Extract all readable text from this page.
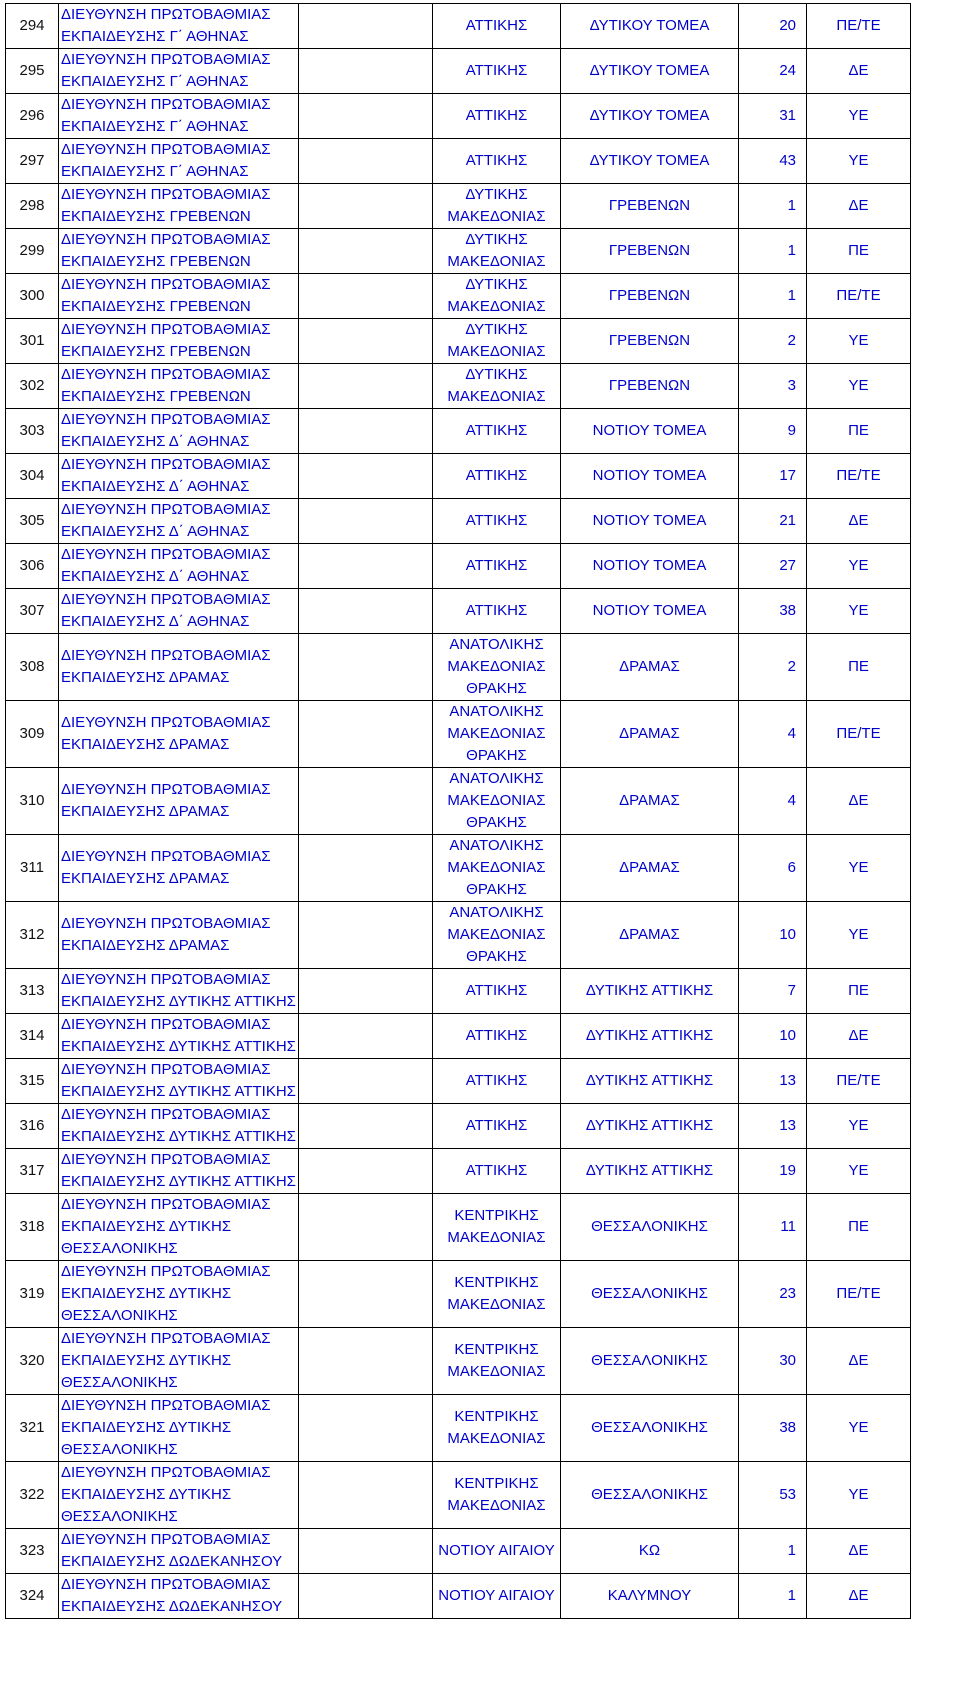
294	ΔΙΕΥΘΥΝΣΗ ΠΡΩΤΟΒΑΘΜΙΑΣ
ΕΚΠΑΙΔΕΥΣΗΣ Γ΄ ΑΘΗΝΑΣ		ΑΤΤΙΚΗΣ	ΔΥΤΙΚΟΥ ΤΟΜΕΑ	20	ΠΕ/ΤΕ

295	ΔΙΕΥΘΥΝΣΗ ΠΡΩΤΟΒΑΘΜΙΑΣ
ΕΚΠΑΙΔΕΥΣΗΣ Γ΄ ΑΘΗΝΑΣ		ΑΤΤΙΚΗΣ	ΔΥΤΙΚΟΥ ΤΟΜΕΑ	24	ΔΕ

296	ΔΙΕΥΘΥΝΣΗ ΠΡΩΤΟΒΑΘΜΙΑΣ
ΕΚΠΑΙΔΕΥΣΗΣ Γ΄ ΑΘΗΝΑΣ		ΑΤΤΙΚΗΣ	ΔΥΤΙΚΟΥ ΤΟΜΕΑ	31	ΥΕ

297	ΔΙΕΥΘΥΝΣΗ ΠΡΩΤΟΒΑΘΜΙΑΣ
ΕΚΠΑΙΔΕΥΣΗΣ Γ΄ ΑΘΗΝΑΣ		ΑΤΤΙΚΗΣ	ΔΥΤΙΚΟΥ ΤΟΜΕΑ	43	ΥΕ

298	ΔΙΕΥΘΥΝΣΗ ΠΡΩΤΟΒΑΘΜΙΑΣ
ΕΚΠΑΙΔΕΥΣΗΣ ΓΡΕΒΕΝΩΝ		ΔΥΤΙΚΗΣ
ΜΑΚΕΔΟΝΙΑΣ	ΓΡΕΒΕΝΩΝ	1	ΔΕ

299	ΔΙΕΥΘΥΝΣΗ ΠΡΩΤΟΒΑΘΜΙΑΣ
ΕΚΠΑΙΔΕΥΣΗΣ ΓΡΕΒΕΝΩΝ		ΔΥΤΙΚΗΣ
ΜΑΚΕΔΟΝΙΑΣ	ΓΡΕΒΕΝΩΝ	1	ΠΕ

300	ΔΙΕΥΘΥΝΣΗ ΠΡΩΤΟΒΑΘΜΙΑΣ
ΕΚΠΑΙΔΕΥΣΗΣ ΓΡΕΒΕΝΩΝ		ΔΥΤΙΚΗΣ
ΜΑΚΕΔΟΝΙΑΣ	ΓΡΕΒΕΝΩΝ	1	ΠΕ/ΤΕ

301	ΔΙΕΥΘΥΝΣΗ ΠΡΩΤΟΒΑΘΜΙΑΣ
ΕΚΠΑΙΔΕΥΣΗΣ ΓΡΕΒΕΝΩΝ		ΔΥΤΙΚΗΣ
ΜΑΚΕΔΟΝΙΑΣ	ΓΡΕΒΕΝΩΝ	2	ΥΕ

302	ΔΙΕΥΘΥΝΣΗ ΠΡΩΤΟΒΑΘΜΙΑΣ
ΕΚΠΑΙΔΕΥΣΗΣ ΓΡΕΒΕΝΩΝ		ΔΥΤΙΚΗΣ
ΜΑΚΕΔΟΝΙΑΣ	ΓΡΕΒΕΝΩΝ	3	ΥΕ

303	ΔΙΕΥΘΥΝΣΗ ΠΡΩΤΟΒΑΘΜΙΑΣ
ΕΚΠΑΙΔΕΥΣΗΣ Δ΄ ΑΘΗΝΑΣ		ΑΤΤΙΚΗΣ	ΝΟΤΙΟΥ ΤΟΜΕΑ	9	ΠΕ

304	ΔΙΕΥΘΥΝΣΗ ΠΡΩΤΟΒΑΘΜΙΑΣ
ΕΚΠΑΙΔΕΥΣΗΣ Δ΄ ΑΘΗΝΑΣ		ΑΤΤΙΚΗΣ	ΝΟΤΙΟΥ ΤΟΜΕΑ	17	ΠΕ/ΤΕ

305	ΔΙΕΥΘΥΝΣΗ ΠΡΩΤΟΒΑΘΜΙΑΣ
ΕΚΠΑΙΔΕΥΣΗΣ Δ΄ ΑΘΗΝΑΣ		ΑΤΤΙΚΗΣ	ΝΟΤΙΟΥ ΤΟΜΕΑ	21	ΔΕ

306	ΔΙΕΥΘΥΝΣΗ ΠΡΩΤΟΒΑΘΜΙΑΣ
ΕΚΠΑΙΔΕΥΣΗΣ Δ΄ ΑΘΗΝΑΣ		ΑΤΤΙΚΗΣ	ΝΟΤΙΟΥ ΤΟΜΕΑ	27	ΥΕ

307	ΔΙΕΥΘΥΝΣΗ ΠΡΩΤΟΒΑΘΜΙΑΣ
ΕΚΠΑΙΔΕΥΣΗΣ Δ΄ ΑΘΗΝΑΣ		ΑΤΤΙΚΗΣ	ΝΟΤΙΟΥ ΤΟΜΕΑ	38	ΥΕ

308	ΔΙΕΥΘΥΝΣΗ ΠΡΩΤΟΒΑΘΜΙΑΣ
ΕΚΠΑΙΔΕΥΣΗΣ ΔΡΑΜΑΣ		ΑΝΑΤΟΛΙΚΗΣ
ΜΑΚΕΔΟΝΙΑΣ
ΘΡΑΚΗΣ	ΔΡΑΜΑΣ	2	ΠΕ

309	ΔΙΕΥΘΥΝΣΗ ΠΡΩΤΟΒΑΘΜΙΑΣ
ΕΚΠΑΙΔΕΥΣΗΣ ΔΡΑΜΑΣ		ΑΝΑΤΟΛΙΚΗΣ
ΜΑΚΕΔΟΝΙΑΣ
ΘΡΑΚΗΣ	ΔΡΑΜΑΣ	4	ΠΕ/ΤΕ

310	ΔΙΕΥΘΥΝΣΗ ΠΡΩΤΟΒΑΘΜΙΑΣ
ΕΚΠΑΙΔΕΥΣΗΣ ΔΡΑΜΑΣ		ΑΝΑΤΟΛΙΚΗΣ
ΜΑΚΕΔΟΝΙΑΣ
ΘΡΑΚΗΣ	ΔΡΑΜΑΣ	4	ΔΕ

311	ΔΙΕΥΘΥΝΣΗ ΠΡΩΤΟΒΑΘΜΙΑΣ
ΕΚΠΑΙΔΕΥΣΗΣ ΔΡΑΜΑΣ		ΑΝΑΤΟΛΙΚΗΣ
ΜΑΚΕΔΟΝΙΑΣ
ΘΡΑΚΗΣ	ΔΡΑΜΑΣ	6	ΥΕ

312	ΔΙΕΥΘΥΝΣΗ ΠΡΩΤΟΒΑΘΜΙΑΣ
ΕΚΠΑΙΔΕΥΣΗΣ ΔΡΑΜΑΣ		ΑΝΑΤΟΛΙΚΗΣ
ΜΑΚΕΔΟΝΙΑΣ
ΘΡΑΚΗΣ	ΔΡΑΜΑΣ	10	ΥΕ

313	ΔΙΕΥΘΥΝΣΗ ΠΡΩΤΟΒΑΘΜΙΑΣ
ΕΚΠΑΙΔΕΥΣΗΣ ΔΥΤΙΚΗΣ ΑΤΤΙΚΗΣ		ΑΤΤΙΚΗΣ	ΔΥΤΙΚΗΣ ΑΤΤΙΚΗΣ	7	ΠΕ

314	ΔΙΕΥΘΥΝΣΗ ΠΡΩΤΟΒΑΘΜΙΑΣ
ΕΚΠΑΙΔΕΥΣΗΣ ΔΥΤΙΚΗΣ ΑΤΤΙΚΗΣ		ΑΤΤΙΚΗΣ	ΔΥΤΙΚΗΣ ΑΤΤΙΚΗΣ	10	ΔΕ

315	ΔΙΕΥΘΥΝΣΗ ΠΡΩΤΟΒΑΘΜΙΑΣ
ΕΚΠΑΙΔΕΥΣΗΣ ΔΥΤΙΚΗΣ ΑΤΤΙΚΗΣ		ΑΤΤΙΚΗΣ	ΔΥΤΙΚΗΣ ΑΤΤΙΚΗΣ	13	ΠΕ/ΤΕ

316	ΔΙΕΥΘΥΝΣΗ ΠΡΩΤΟΒΑΘΜΙΑΣ
ΕΚΠΑΙΔΕΥΣΗΣ ΔΥΤΙΚΗΣ ΑΤΤΙΚΗΣ		ΑΤΤΙΚΗΣ	ΔΥΤΙΚΗΣ ΑΤΤΙΚΗΣ	13	ΥΕ

317	ΔΙΕΥΘΥΝΣΗ ΠΡΩΤΟΒΑΘΜΙΑΣ
ΕΚΠΑΙΔΕΥΣΗΣ ΔΥΤΙΚΗΣ ΑΤΤΙΚΗΣ		ΑΤΤΙΚΗΣ	ΔΥΤΙΚΗΣ ΑΤΤΙΚΗΣ	19	ΥΕ

318	ΔΙΕΥΘΥΝΣΗ ΠΡΩΤΟΒΑΘΜΙΑΣ
ΕΚΠΑΙΔΕΥΣΗΣ ΔΥΤΙΚΗΣ
ΘΕΣΣΑΛΟΝΙΚΗΣ		ΚΕΝΤΡΙΚΗΣ
ΜΑΚΕΔΟΝΙΑΣ	ΘΕΣΣΑΛΟΝΙΚΗΣ	11	ΠΕ

319	ΔΙΕΥΘΥΝΣΗ ΠΡΩΤΟΒΑΘΜΙΑΣ
ΕΚΠΑΙΔΕΥΣΗΣ ΔΥΤΙΚΗΣ
ΘΕΣΣΑΛΟΝΙΚΗΣ		ΚΕΝΤΡΙΚΗΣ
ΜΑΚΕΔΟΝΙΑΣ	ΘΕΣΣΑΛΟΝΙΚΗΣ	23	ΠΕ/ΤΕ

320	ΔΙΕΥΘΥΝΣΗ ΠΡΩΤΟΒΑΘΜΙΑΣ
ΕΚΠΑΙΔΕΥΣΗΣ ΔΥΤΙΚΗΣ
ΘΕΣΣΑΛΟΝΙΚΗΣ		ΚΕΝΤΡΙΚΗΣ
ΜΑΚΕΔΟΝΙΑΣ	ΘΕΣΣΑΛΟΝΙΚΗΣ	30	ΔΕ

321	ΔΙΕΥΘΥΝΣΗ ΠΡΩΤΟΒΑΘΜΙΑΣ
ΕΚΠΑΙΔΕΥΣΗΣ ΔΥΤΙΚΗΣ
ΘΕΣΣΑΛΟΝΙΚΗΣ		ΚΕΝΤΡΙΚΗΣ
ΜΑΚΕΔΟΝΙΑΣ	ΘΕΣΣΑΛΟΝΙΚΗΣ	38	ΥΕ

322	ΔΙΕΥΘΥΝΣΗ ΠΡΩΤΟΒΑΘΜΙΑΣ
ΕΚΠΑΙΔΕΥΣΗΣ ΔΥΤΙΚΗΣ
ΘΕΣΣΑΛΟΝΙΚΗΣ		ΚΕΝΤΡΙΚΗΣ
ΜΑΚΕΔΟΝΙΑΣ	ΘΕΣΣΑΛΟΝΙΚΗΣ	53	ΥΕ

323	ΔΙΕΥΘΥΝΣΗ ΠΡΩΤΟΒΑΘΜΙΑΣ
ΕΚΠΑΙΔΕΥΣΗΣ ΔΩΔΕΚΑΝΗΣΟΥ		ΝΟΤΙΟΥ ΑΙΓΑΙΟΥ	ΚΩ	1	ΔΕ

324	ΔΙΕΥΘΥΝΣΗ ΠΡΩΤΟΒΑΘΜΙΑΣ
ΕΚΠΑΙΔΕΥΣΗΣ ΔΩΔΕΚΑΝΗΣΟΥ		ΝΟΤΙΟΥ ΑΙΓΑΙΟΥ	ΚΑΛΥΜΝΟΥ	1	ΔΕ
